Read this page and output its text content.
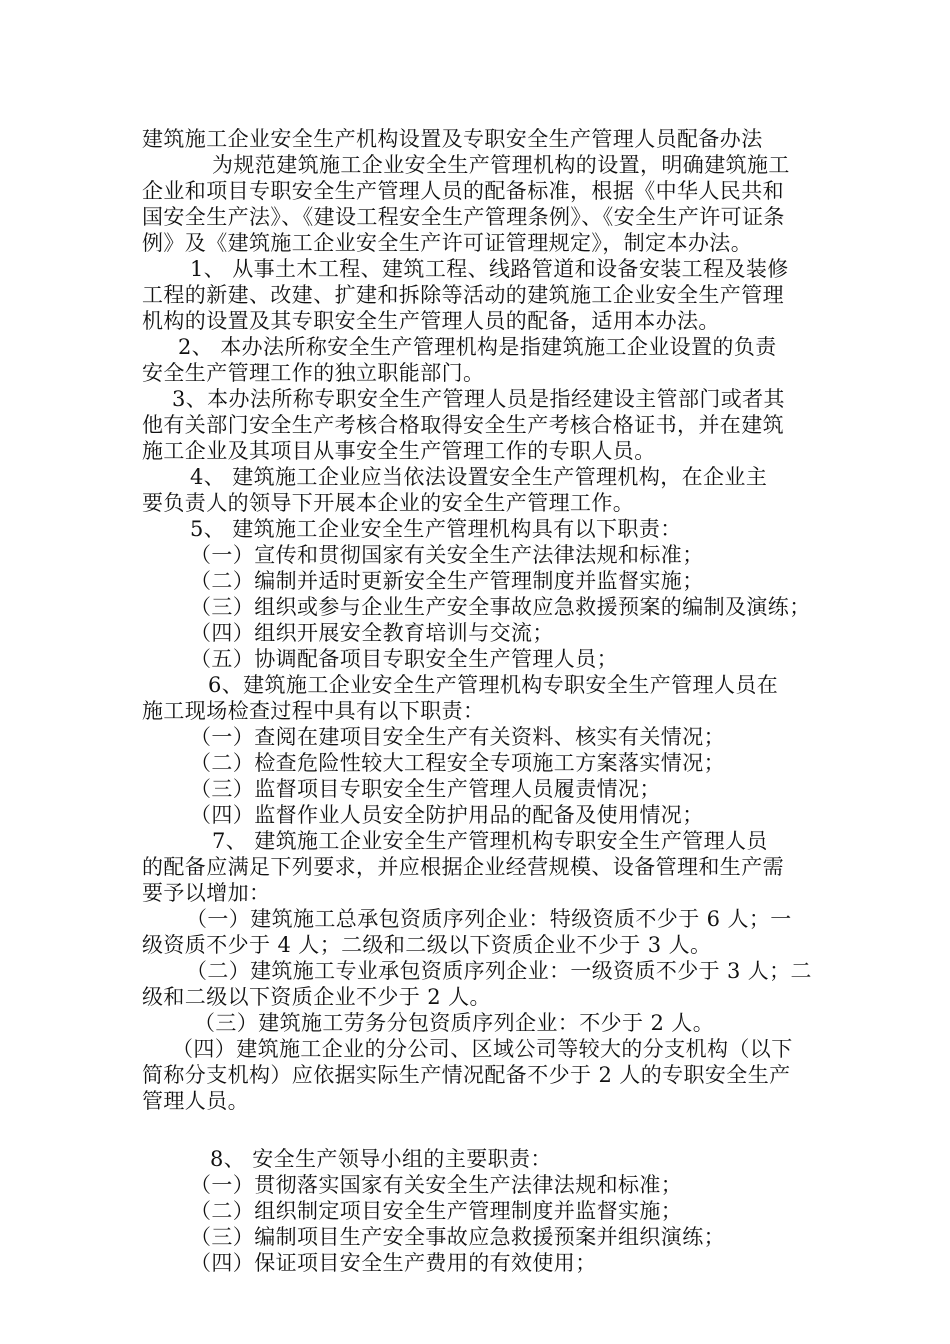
建筑施工企业安全生产机构设置及专职安全生产管理人员配备办法
为规范建筑施工企业安全生产管理机构的设置，明确建筑施工
企业和项目专职安全生产管理人员的配备标准，根据《中华人民共和
国安全生产法》、《建设工程安全生产管理条例》、《安全生产许可证条
例》及《建筑施工企业安全生产许可证管理规定》，制定本办法。
1、 从事土木工程、建筑工程、线路管道和设备安装工程及装修
工程的新建、改建、扩建和拆除等活动的建筑施工企业安全生产管理
机构的设置及其专职安全生产管理人员的配备，适用本办法。
2、 本办法所称安全生产管理机构是指建筑施工企业设置的负责
安全生产管理工作的独立职能部门。
3、本办法所称专职安全生产管理人员是指经建设主管部门或者其
他有关部门安全生产考核合格取得安全生产考核合格证书，并在建筑
施工企业及其项目从事安全生产管理工作的专职人员。
4、 建筑施工企业应当依法设置安全生产管理机构，在企业主
要负责人的领导下开展本企业的安全生产管理工作。
5、 建筑施工企业安全生产管理机构具有以下职责：
（一）宣传和贯彻国家有关安全生产法律法规和标准；
（二）编制并适时更新安全生产管理制度并监督实施；
（三）组织或参与企业生产安全事故应急救援预案的编制及演练；
（四）组织开展安全教育培训与交流；
（五）协调配备项目专职安全生产管理人员；
6、建筑施工企业安全生产管理机构专职安全生产管理人员在
施工现场检查过程中具有以下职责：
（一）查阅在建项目安全生产有关资料、核实有关情况；
（二）检查危险性较大工程安全专项施工方案落实情况；
（三）监督项目专职安全生产管理人员履责情况；
（四）监督作业人员安全防护用品的配备及使用情况；
7、 建筑施工企业安全生产管理机构专职安全生产管理人员
的配备应满足下列要求，并应根据企业经营规模、设备管理和生产需
要予以增加：
（一）建筑施工总承包资质序列企业：特级资质不少于 6 人；一
级资质不少于 4 人；二级和二级以下资质企业不少于 3 人。
（二）建筑施工专业承包资质序列企业：一级资质不少于 3 人；二
级和二级以下资质企业不少于 2 人。
（三）建筑施工劳务分包资质序列企业：不少于 2 人。
（四）建筑施工企业的分公司、区域公司等较大的分支机构（以下
简称分支机构）应依据实际生产情况配备不少于 2 人的专职安全生产
管理人员。
8、 安全生产领导小组的主要职责：
（一）贯彻落实国家有关安全生产法律法规和标准；
（二）组织制定项目安全生产管理制度并监督实施；
（三）编制项目生产安全事故应急救援预案并组织演练；
（四）保证项目安全生产费用的有效使用；
